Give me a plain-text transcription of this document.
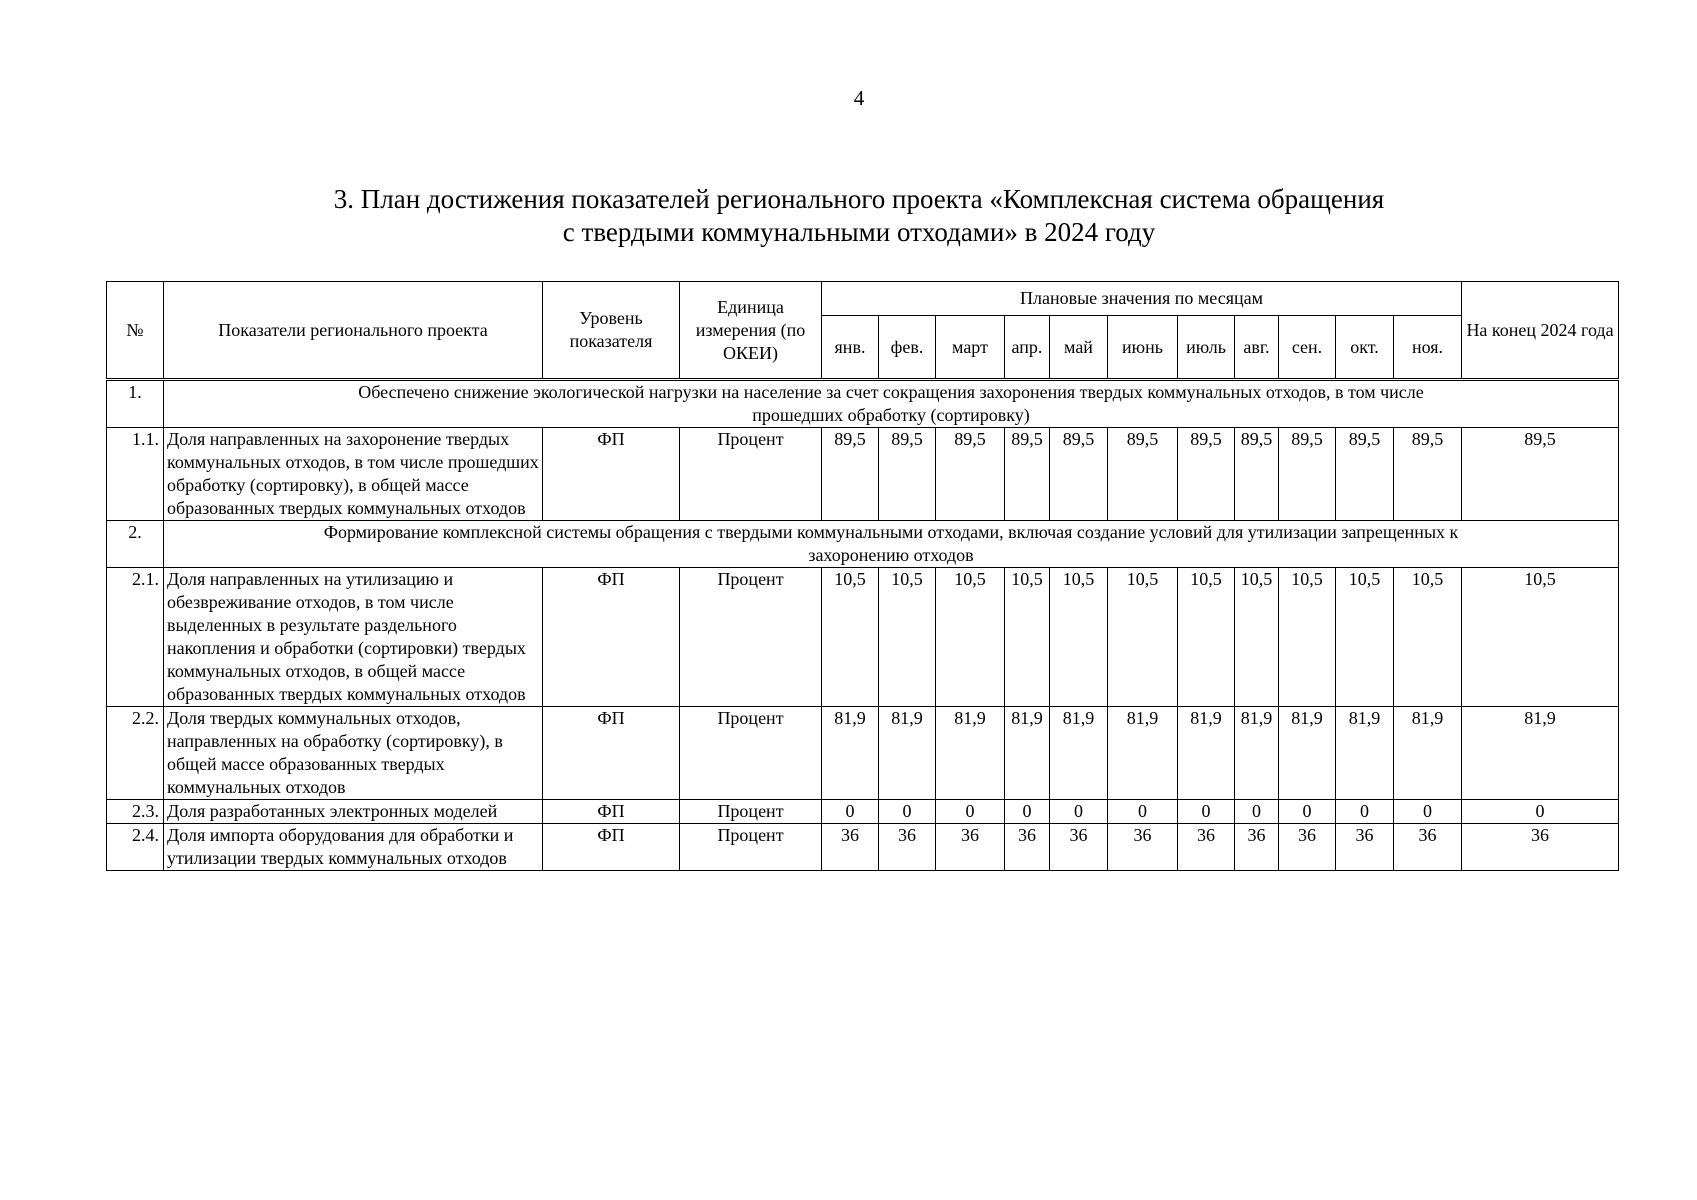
4
3. План достижения показателей регионального проекта «Комплексная система обращения
с твердыми коммунальными отходами» в 2024 году
№	Показатели регионального проекта	Уровень показателя	Единица измерения (по ОКЕИ)	Плановые значения по месяцам											На конец 2024 года
				янв.	фев.	март	апр.	май	июнь	июль	авг.	сен.	окт.	ноя.	
1.	Обеспечено снижение экологической нагрузки на население за счет сокращения захоронения твердых коммунальных отходов, в том числе прошедших обработку (сортировку)														
1.1.	Доля направленных на захоронение твердых коммунальных отходов, в том числе прошедших обработку (сортировку), в общей массе образованных твердых коммунальных отходов	ФП	Процент	89,5	89,5	89,5	89,5	89,5	89,5	89,5	89,5	89,5	89,5	89,5	89,5
2.	Формирование комплексной системы обращения с твердыми коммунальными отходами, включая создание условий для утилизации запрещенных к захоронению отходов														
2.1.	Доля направленных на утилизацию и обезвреживание отходов, в том числе выделенных в результате раздельного накопления и обработки (сортировки) твердых коммунальных отходов, в общей массе образованных твердых коммунальных отходов	ФП	Процент	10,5	10,5	10,5	10,5	10,5	10,5	10,5	10,5	10,5	10,5	10,5	10,5
2.2.	Доля твердых коммунальных отходов, направленных на обработку (сортировку), в общей массе образованных твердых коммунальных отходов	ФП	Процент	81,9	81,9	81,9	81,9	81,9	81,9	81,9	81,9	81,9	81,9	81,9	81,9
2.3.	Доля разработанных электронных моделей	ФП	Процент	0	0	0	0	0	0	0	0	0	0	0	0
2.4.	Доля импорта оборудования для обработки и утилизации твердых коммунальных отходов	ФП	Процент	36	36	36	36	36	36	36	36	36	36	36	36
